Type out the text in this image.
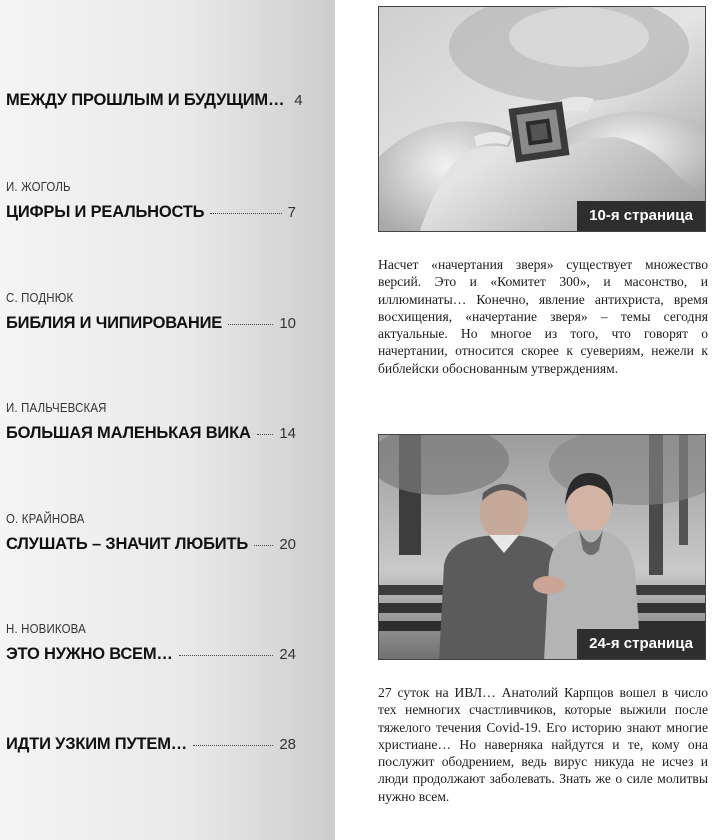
МЕЖДУ ПРОШЛЫМ И БУДУЩИМ… 4
И. ЖОГОЛЬ
ЦИФРЫ И РЕАЛЬНОСТЬ	7
С. ПОДНЮК
БИБЛИЯ И ЧИПИРОВАНИЕ	10
И. ПАЛЬЧЕВСКАЯ
БОЛЬШАЯ МАЛЕНЬКАЯ ВИКА 14
О. КРАЙНОВА
СЛУШАТЬ – ЗНАЧИТ ЛЮБИТЬ 20
Н. НОВИКОВА
ЭТО НУЖНО ВСЕМ…	24
ИДТИ УЗКИМ ПУТЕМ…	28
10-я страница
Насчет «начертания зверя» существует множество версий. Это и «Комитет 300», и масонство, и иллюминаты… Конечно, явление антихриста, время восхищения, «начертание зверя» – темы сегодня актуальные. Но многое из того, что говорят о начертании, относится скорее к суевериям, нежели к библейски обоснованным утверждениям.
24-я страница
27 суток на ИВЛ… Анатолий Карпцов вошел в число тех немногих счастливчиков, которые выжили после тяжелого течения Covid-19. Его историю знают многие христиане… Но наверняка найдутся и те, кому она послужит ободрением, ведь вирус никуда не исчез и люди продолжают заболевать. Знать же о силе молитвы нужно всем.
